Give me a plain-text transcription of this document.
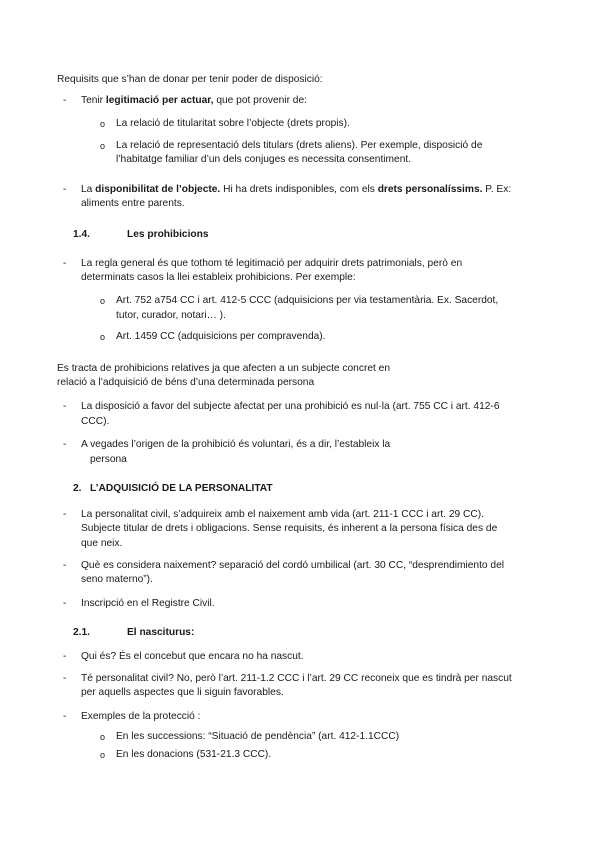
Requisits que s’han de donar per tenir poder de disposició:
- Tenir legitimació per actuar, que pot provenir de:
o La relació de titularitat sobre l’objecte (drets propis).
o La relació de representació dels titulars (drets aliens). Per exemple, disposició de
l’habitatge familiar d’un dels conjuges es necessita consentiment.
- La disponibilitat de l’objecte. Hi ha drets indisponibles, com els drets personalíssims. P. Ex:
aliments entre parents.
1.4.	Les prohibicions
- La regla general és que tothom té legitimació per adquirir drets patrimonials, però en
determinats casos la llei estableix prohibicions. Per exemple:
o Art. 752 a754 CC i art. 412-5 CCC (adquisicions per via testamentària. Ex. Sacerdot,
tutor, curador, notari… ).
o Art. 1459 CC (adquisicions per compravenda).
Es tracta de prohibicions relatives ja que afecten a un subjecte concret en
relació a l’adquisició de béns d’una determinada persona
- La disposició a favor del subjecte afectat per una prohibició es nul·la (art. 755 CC i art. 412-6
CCC).
- A vegades l’origen de la prohibició és voluntari, és a dir, l’estableix la
persona
2. L’ADQUISICIÓ DE LA PERSONALITAT
- La personalitat civil, s’adquireix amb el naixement amb vida (art. 211-1 CCC i art. 29 CC).
Subjecte titular de drets i obligacions. Sense requisits, és inherent a la persona física des de
que neix.
- Què es considera naixement? separació del cordó umbilical (art. 30 CC, “desprendimiento del
seno materno”).
- Inscripció en el Registre Civil.
2.1.	El nasciturus:
- Qui és? És el concebut que encara no ha nascut.
- Té personalitat civil? No, però l’art. 211-1.2 CCC i l’art. 29 CC reconeix que es tindrà per nascut
per aquells aspectes que li siguin favorables.
- Exemples de la protecció :
o En les successions: “Situació de pendència” (art. 412-1.1CCC)
o En les donacions (531-21.3 CCC).
